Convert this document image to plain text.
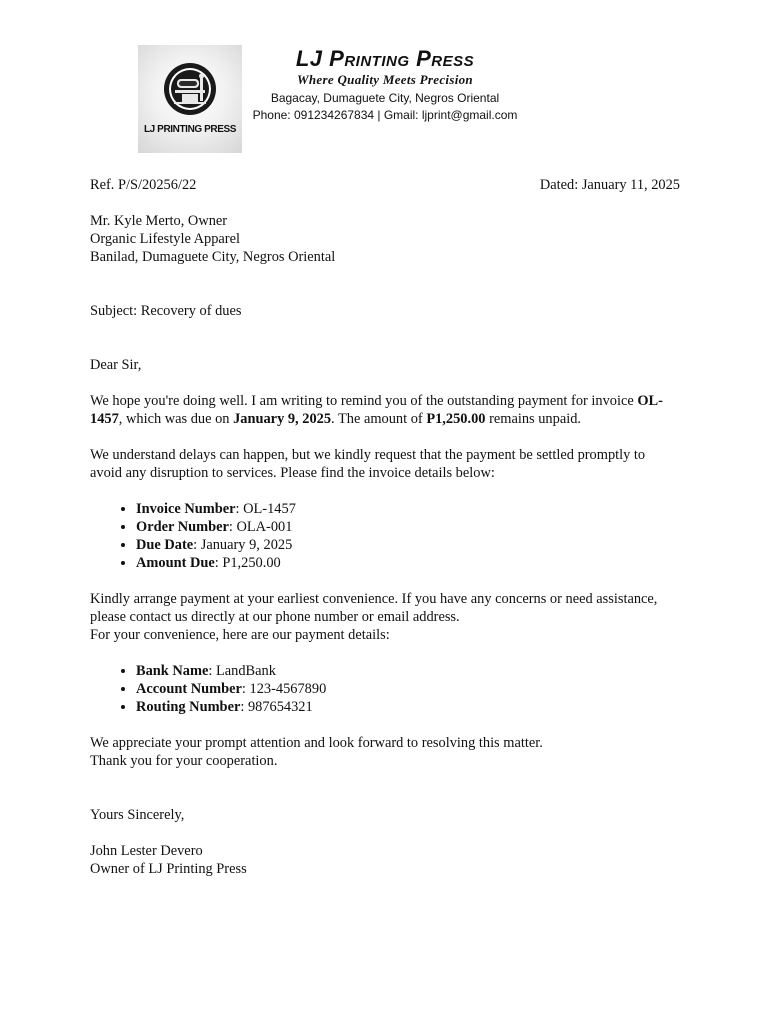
LJ PRINTING PRESS
LJ Printing Press
Where Quality Meets Precision
Bagacay, Dumaguete City, Negros Oriental
Phone: 091234267834 | Gmail: ljprint@gmail.com
Ref. P/S/20256/22	Dated: January 11, 2025

Mr. Kyle Merto, Owner

Organic Lifestyle Apparel

Banilad, Dumaguete City, Negros Oriental

Subject: Recovery of dues

Dear Sir,

We hope you're doing well. I am writing to remind you of the outstanding payment for invoice OL-1457, which was due on January 9, 2025. The amount of P1,250.00 remains unpaid.

We understand delays can happen, but we kindly request that the payment be settled promptly to avoid any disruption to services. Please find the invoice details below:

• Invoice Number: OL-1457
• Order Number: OLA-001
• Due Date: January 9, 2025
• Amount Due: P1,250.00

Kindly arrange payment at your earliest convenience. If you have any concerns or need assistance, please contact us directly at our phone number or email address.

For your convenience, here are our payment details:

• Bank Name: LandBank
• Account Number: 123-4567890
• Routing Number: 987654321

We appreciate your prompt attention and look forward to resolving this matter.

Thank you for your cooperation.

Yours Sincerely,

John Lester Devero

Owner of LJ Printing Press
